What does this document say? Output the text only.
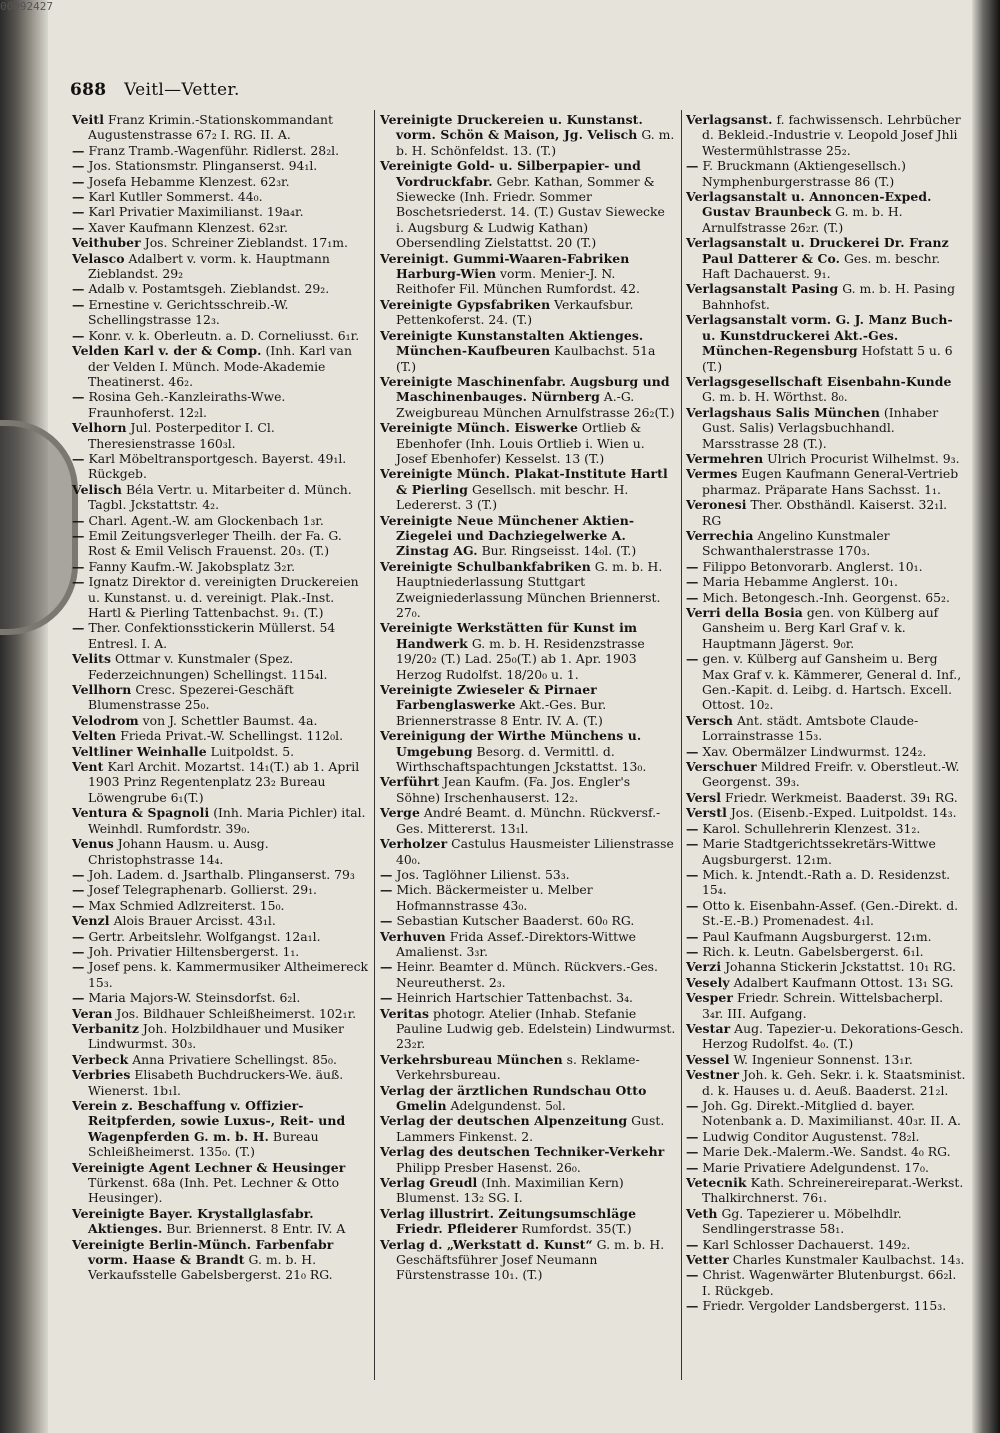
00092427
688 Veitl—Vetter.
Veitl Franz Krimin.-Stationskommandant Augustenstrasse 67₂ I. RG. II. A.
— Franz Tramb.-Wagenführ. Ridlerst. 28₂l.
— Jos. Stationsmstr. Plinganserst. 94₁l.
— Josefa Hebamme Klenzest. 62₃r.
— Karl Kutller Sommerst. 44₀.
— Karl Privatier Maximilianst. 19a₄r.
— Xaver Kaufmann Klenzest. 62₃r.
Veithuber Jos. Schreiner Zieblandst. 17₁m.
Velasco Adalbert v. vorm. k. Hauptmann Zieblandst. 29₂
— Adalb v. Postamtsgeh. Zieblandst. 29₂.
— Ernestine v. Gerichtsschreib.-W. Schellingstrasse 12₃.
— Konr. v. k. Oberleutn. a. D. Corneliusst. 6₁r.
Velden Karl v. der & Comp. (Inh. Karl van der Velden I. Münch. Mode-Akademie Theatinerst. 46₂.
— Rosina Geh.-Kanzleiraths-Wwe. Fraunhoferst. 12₂l.
Velhorn Jul. Posterpeditor I. Cl. Theresienstrasse 160₃l.
— Karl Möbeltransportgesch. Bayerst. 49₁l. Rückgeb.
Velisch Béla Vertr. u. Mitarbeiter d. Münch. Tagbl. Jckstattstr. 4₂.
— Charl. Agent.-W. am Glockenbach 1₃r.
— Emil Zeitungsverleger Theilh. der Fa. G. Rost & Emil Velisch Frauenst. 20₃. (T.)
— Fanny Kaufm.-W. Jakobsplatz 3₂r.
— Ignatz Direktor d. vereinigten Druckereien u. Kunstanst. u. d. vereinigt. Plak.-Inst. Hartl & Pierling Tattenbachst. 9₁. (T.)
— Ther. Confektionsstickerin Müllerst. 54 Entresl. I. A.
Velits Ottmar v. Kunstmaler (Spez. Federzeichnungen) Schellingst. 115₄l.
Vellhorn Cresc. Spezerei-Geschäft Blumenstrasse 25₀.
Velodrom von J. Schettler Baumst. 4a.
Velten Frieda Privat.-W. Schellingst. 112₀l.
Veltliner Weinhalle Luitpoldst. 5.
Vent Karl Archit. Mozartst. 14₁(T.) ab 1. April 1903 Prinz Regentenplatz 23₂ Bureau Löwengrube 6₁(T.)
Ventura & Spagnoli (Inh. Maria Pichler) ital. Weinhdl. Rumfordstr. 39₀.
Venus Johann Hausm. u. Ausg. Christophstrasse 14₄.
— Joh. Ladem. d. Jsarthalb. Plinganserst. 79₃
— Josef Telegraphenarb. Gollierst. 29₁.
— Max Schmied Adlzreiterst. 15₀.
Venzl Alois Brauer Arcisst. 43₁l.
— Gertr. Arbeitslehr. Wolfgangst. 12a₁l.
— Joh. Privatier Hiltensbergerst. 1₁.
— Josef pens. k. Kammermusiker Altheimereck 15₃.
— Maria Majors-W. Steinsdorfst. 6₂l.
Veran Jos. Bildhauer Schleißheimerst. 102₁r.
Verbanitz Joh. Holzbildhauer und Musiker Lindwurmst. 30₃.
Verbeck Anna Privatiere Schellingst. 85₀.
Verbries Elisabeth Buchdruckers-We. äuß. Wienerst. 1b₁l.
Verein z. Beschaffung v. Offizier-Reitpferden, sowie Luxus-, Reit- und Wagenpferden G. m. b. H. Bureau Schleißheimerst. 135₀. (T.)
Vereinigte Agent Lechner & Heusinger Türkenst. 68a (Inh. Pet. Lechner & Otto Heusinger).
Vereinigte Bayer. Krystallglasfabr. Aktienges. Bur. Briennerst. 8 Entr. IV. A
Vereinigte Berlin-Münch. Farbenfabr vorm. Haase & Brandt G. m. b. H. Verkaufsstelle Gabelsbergerst. 21₀ RG.
Vereinigte Druckereien u. Kunstanst. vorm. Schön & Maison, Jg. Velisch G. m. b. H. Schönfeldst. 13. (T.)
Vereinigte Gold- u. Silberpapier- und Vordruckfabr. Gebr. Kathan, Sommer & Siewecke (Inh. Friedr. Sommer Boschetsriederst. 14. (T.) Gustav Siewecke i. Augsburg & Ludwig Kathan) Obersendling Zielstattst. 20 (T.)
Vereinigt. Gummi-Waaren-Fabriken Harburg-Wien vorm. Menier-J. N. Reithofer Fil. München Rumfordst. 42.
Vereinigte Gypsfabriken Verkaufsbur. Pettenkoferst. 24. (T.)
Vereinigte Kunstanstalten Aktienges. München-Kaufbeuren Kaulbachst. 51a (T.)
Vereinigte Maschinenfabr. Augsburg und Maschinenbauges. Nürnberg A.-G. Zweigbureau München Arnulfstrasse 26₂(T.)
Vereinigte Münch. Eiswerke Ortlieb & Ebenhofer (Inh. Louis Ortlieb i. Wien u. Josef Ebenhofer) Kesselst. 13 (T.)
Vereinigte Münch. Plakat-Institute Hartl & Pierling Gesellsch. mit beschr. H. Ledererst. 3 (T.)
Vereinigte Neue Münchener Aktien-Ziegelei und Dachziegelwerke A. Zinstag AG. Bur. Ringseisst. 14₀l. (T.)
Vereinigte Schulbankfabriken G. m. b. H. Hauptniederlassung Stuttgart Zweigniederlassung München Briennerst. 27₀.
Vereinigte Werkstätten für Kunst im Handwerk G. m. b. H. Residenzstrasse 19/20₂ (T.) Lad. 25₀(T.) ab 1. Apr. 1903 Herzog Rudolfst. 18/20₀ u. 1.
Vereinigte Zwieseler & Pirnaer Farbenglaswerke Akt.-Ges. Bur. Briennerstrasse 8 Entr. IV. A. (T.)
Vereinigung der Wirthe Münchens u. Umgebung Besorg. d. Vermittl. d. Wirthschaftspachtungen Jckstattst. 13₀.
Verführt Jean Kaufm. (Fa. Jos. Engler's Söhne) Irschenhauserst. 12₂.
Verge André Beamt. d. Münchn. Rückversf.-Ges. Mittererst. 13₁l.
Verholzer Castulus Hausmeister Lilienstrasse 40₀.
— Jos. Taglöhner Lilienst. 53₃.
— Mich. Bäckermeister u. Melber Hofmannstrasse 43₀.
— Sebastian Kutscher Baaderst. 60₀ RG.
Verhuven Frida Assef.-Direktors-Wittwe Amalienst. 3₃r.
— Heinr. Beamter d. Münch. Rückvers.-Ges. Neureutherst. 2₃.
— Heinrich Hartschier Tattenbachst. 3₄.
Veritas photogr. Atelier (Inhab. Stefanie Pauline Ludwig geb. Edelstein) Lindwurmst. 23₂r.
Verkehrsbureau München s. Reklame-Verkehrsbureau.
Verlag der ärztlichen Rundschau Otto Gmelin Adelgundenst. 5₀l.
Verlag der deutschen Alpenzeitung Gust. Lammers Finkenst. 2.
Verlag des deutschen Techniker-Verkehr Philipp Presber Hasenst. 26₀.
Verlag Greudl (Inh. Maximilian Kern) Blumenst. 13₂ SG. I.
Verlag illustrirt. Zeitungsumschläge Friedr. Pfleiderer Rumfordst. 35(T.)
Verlag d. „Werkstatt d. Kunst“ G. m. b. H. Geschäftsführer Josef Neumann Fürstenstrasse 10₁. (T.)
Verlagsanst. f. fachwissensch. Lehrbücher d. Bekleid.-Industrie v. Leopold Josef Jhli Westermühlstrasse 25₂.
— F. Bruckmann (Aktiengesellsch.) Nymphenburgerstrasse 86 (T.)
Verlagsanstalt u. Annoncen-Exped. Gustav Braunbeck G. m. b. H. Arnulfstrasse 26₂r. (T.)
Verlagsanstalt u. Druckerei Dr. Franz Paul Datterer & Co. Ges. m. beschr. Haft Dachauerst. 9₁.
Verlagsanstalt Pasing G. m. b. H. Pasing Bahnhofst.
Verlagsanstalt vorm. G. J. Manz Buch- u. Kunstdruckerei Akt.-Ges. München-Regensburg Hofstatt 5 u. 6 (T.)
Verlagsgesellschaft Eisenbahn-Kunde G. m. b. H. Wörthst. 8₀.
Verlagshaus Salis München (Inhaber Gust. Salis) Verlagsbuchhandl. Marsstrasse 28 (T.).
Vermehren Ulrich Procurist Wilhelmst. 9₃.
Vermes Eugen Kaufmann General-Vertrieb pharmaz. Präparate Hans Sachsst. 1₁.
Veronesi Ther. Obsthändl. Kaiserst. 32₁l. RG
Verrechia Angelino Kunstmaler Schwanthalerstrasse 170₃.
— Filippo Betonvorarb. Anglerst. 10₁.
— Maria Hebamme Anglerst. 10₁.
— Mich. Betongesch.-Inh. Georgenst. 65₂.
Verri della Bosia gen. von Külberg auf Gansheim u. Berg Karl Graf v. k. Hauptmann Jägerst. 9₀r.
— gen. v. Külberg auf Gansheim u. Berg Max Graf v. k. Kämmerer, General d. Inf., Gen.-Kapit. d. Leibg. d. Hartsch. Excell. Ottost. 10₂.
Versch Ant. städt. Amtsbote Claude-Lorrainstrasse 15₃.
— Xav. Obermälzer Lindwurmst. 124₂.
Verschuer Mildred Freifr. v. Oberstleut.-W. Georgenst. 39₃.
Versl Friedr. Werkmeist. Baaderst. 39₁ RG.
Verstl Jos. (Eisenb.-Exped. Luitpoldst. 14₃.
— Karol. Schullehrerin Klenzest. 31₂.
— Marie Stadtgerichtssekretärs-Wittwe Augsburgerst. 12₁m.
— Mich. k. Jntendt.-Rath a. D. Residenzst. 15₄.
— Otto k. Eisenbahn-Assef. (Gen.-Direkt. d. St.-E.-B.) Promenadest. 4₁l.
— Paul Kaufmann Augsburgerst. 12₁m.
— Rich. k. Leutn. Gabelsbergerst. 6₁l.
Verzi Johanna Stickerin Jckstattst. 10₁ RG.
Vesely Adalbert Kaufmann Ottost. 13₁ SG.
Vesper Friedr. Schrein. Wittelsbacherpl. 3₄r. III. Aufgang.
Vestar Aug. Tapezier-u. Dekorations-Gesch. Herzog Rudolfst. 4₀. (T.)
Vessel W. Ingenieur Sonnenst. 13₁r.
Vestner Joh. k. Geh. Sekr. i. k. Staatsminist. d. k. Hauses u. d. Aeuß. Baaderst. 21₂l.
— Joh. Gg. Direkt.-Mitglied d. bayer. Notenbank a. D. Maximilianst. 40₃r. II. A.
— Ludwig Conditor Augustenst. 78₂l.
— Marie Dek.-Malerm.-We. Sandst. 4₀ RG.
— Marie Privatiere Adelgundenst. 17₀.
Vetecnik Kath. Schreinereireparat.-Werkst. Thalkirchnerst. 76₁.
Veth Gg. Tapezierer u. Möbelhdlr. Sendlingerstrasse 58₁.
— Karl Schlosser Dachauerst. 149₂.
Vetter Charles Kunstmaler Kaulbachst. 14₃.
— Christ. Wagenwärter Blutenburgst. 66₂l. I. Rückgeb.
— Friedr. Vergolder Landsbergerst. 115₃.
